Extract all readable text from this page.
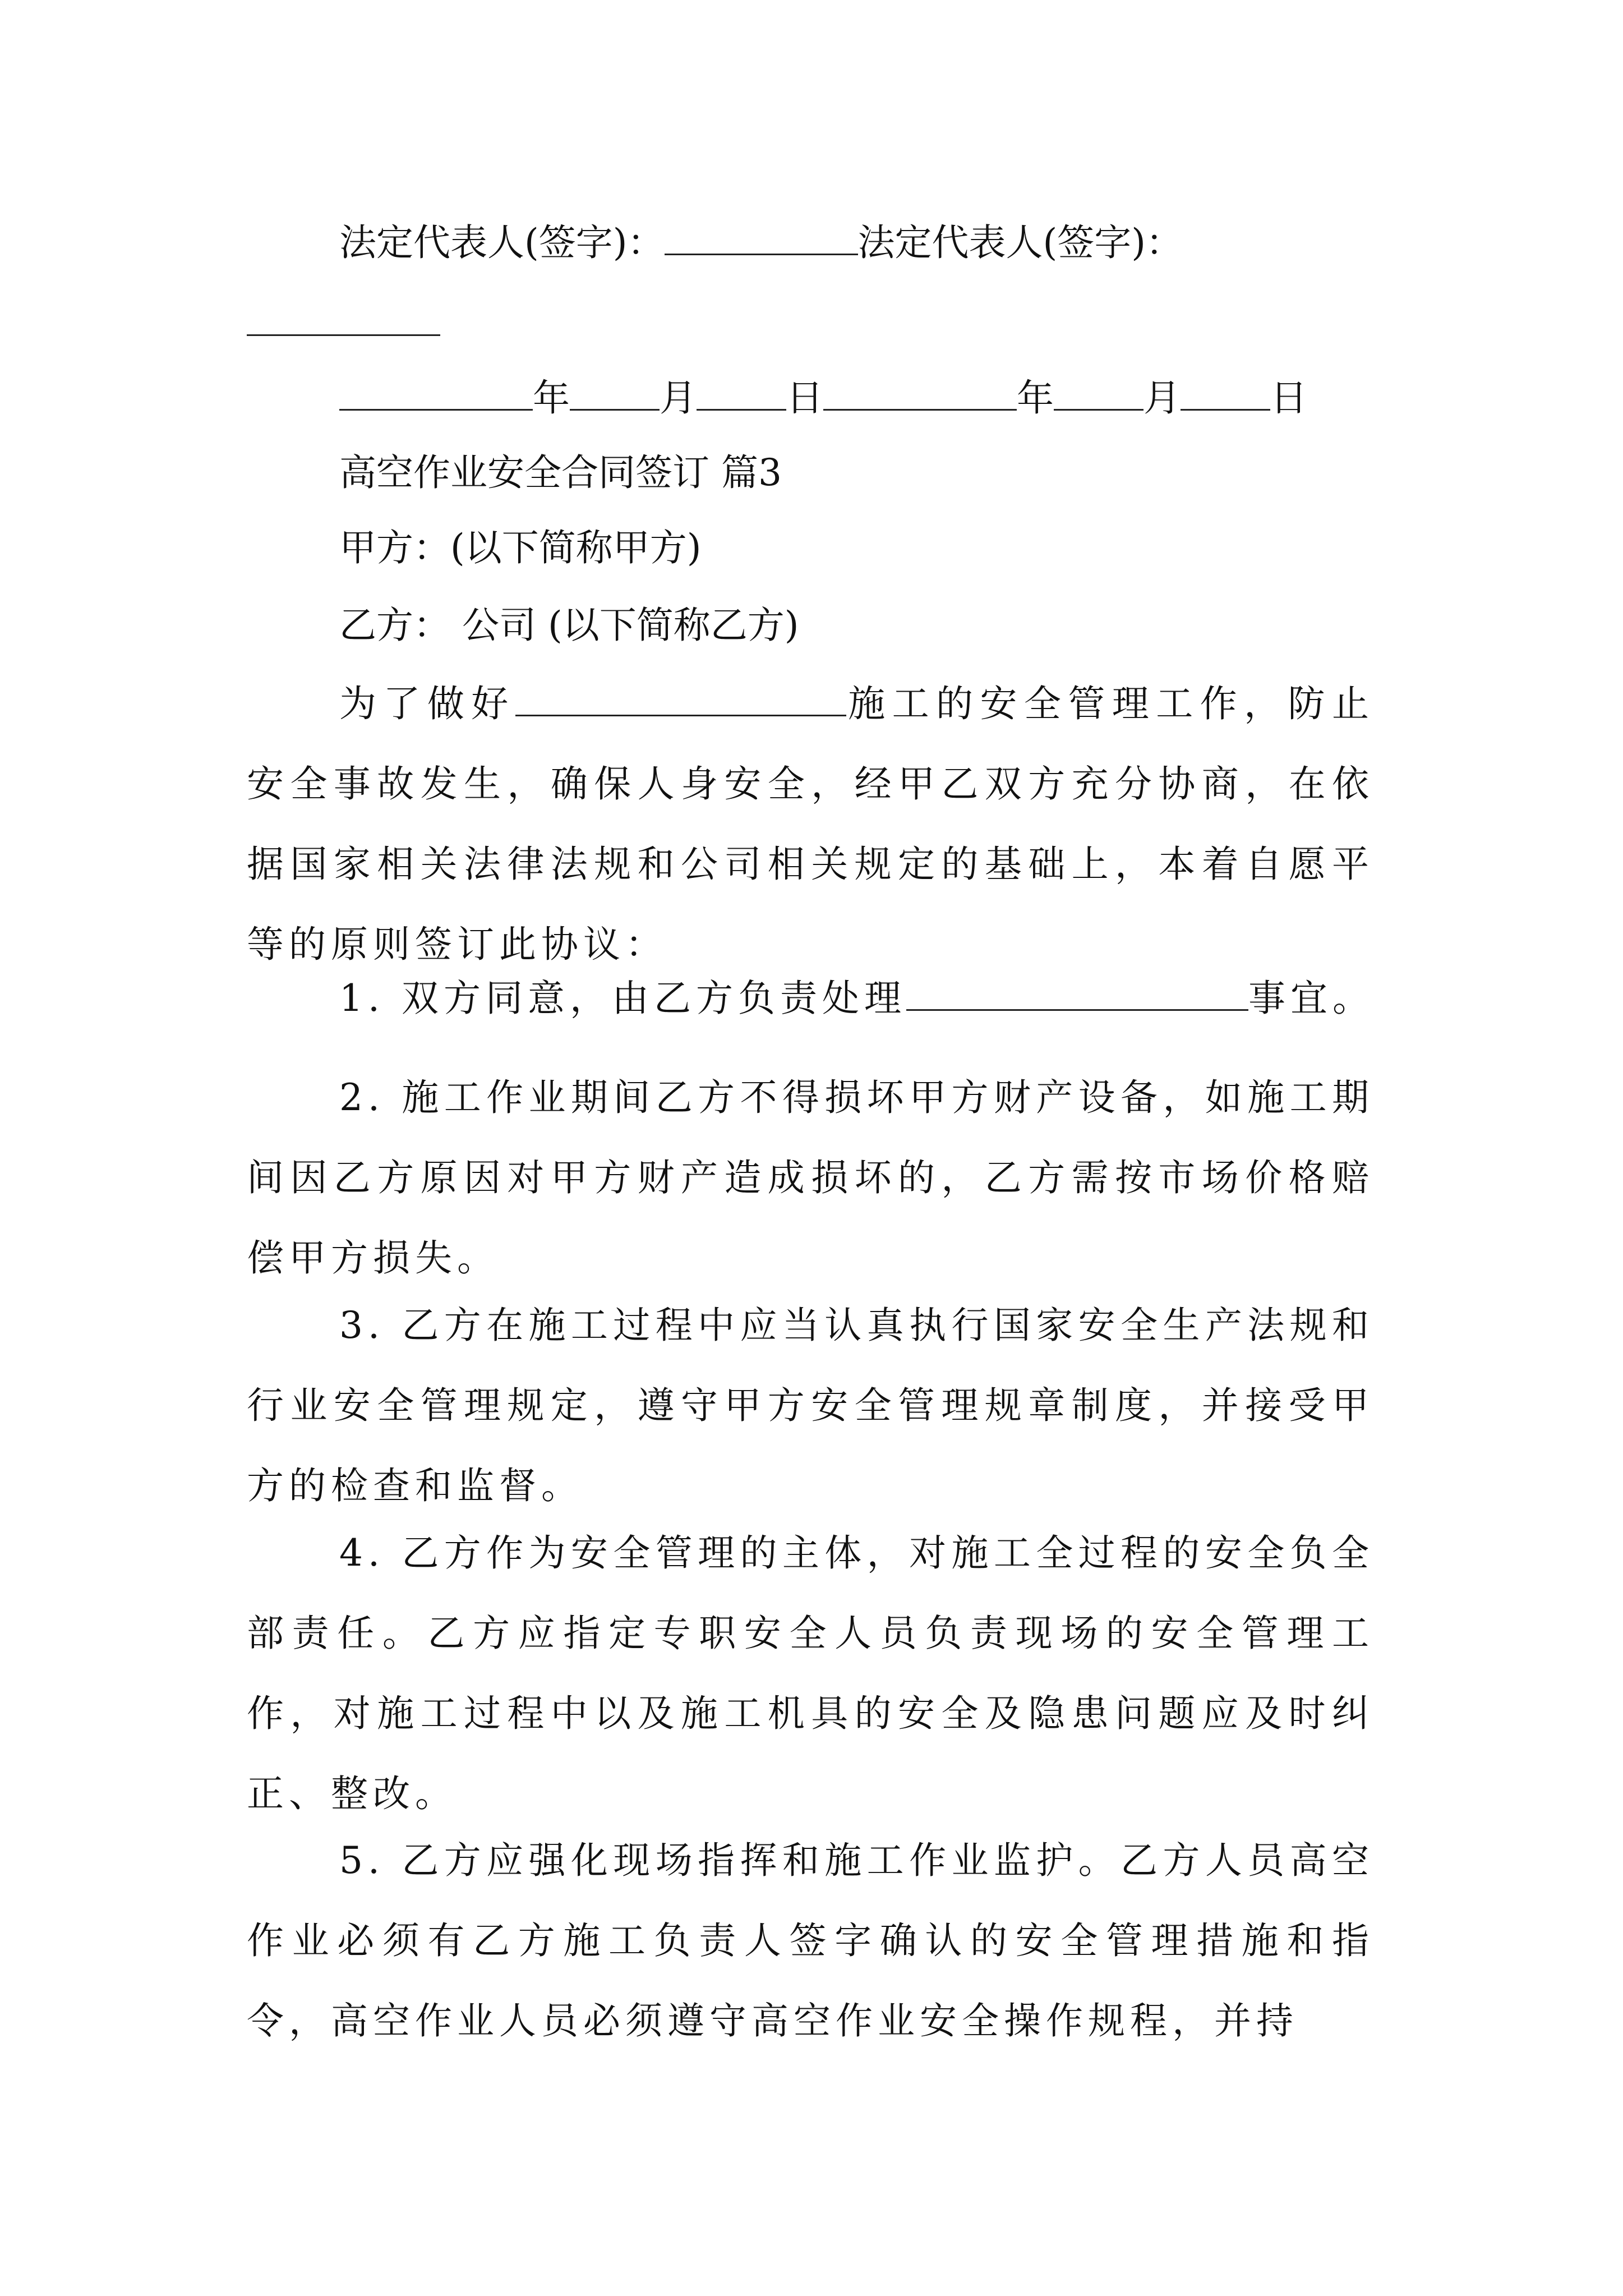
法定代表人(签字)：	法定代表人(签字)：
年 月 日	年 月 日
高空作业安全合同签订 篇3
甲方：(以下简称甲方)
乙方： 公司 (以下简称乙方)
为了做好	施工的安全管理工作，防止安全事故发生，确保人身安全，经甲乙双方充分协商，在依据国家相关法律法规和公司相关规定的基础上，本着自愿平等的原则签订此协议：
1. 双方同意，由乙方负责处理	事宜。
2. 施工作业期间乙方不得损坏甲方财产设备，如施工期间因乙方原因对甲方财产造成损坏的，乙方需按市场价格赔偿甲方损失。
3. 乙方在施工过程中应当认真执行国家安全生产法规和行业安全管理规定，遵守甲方安全管理规章制度，并接受甲方的检查和监督。
4. 乙方作为安全管理的主体，对施工全过程的安全负全部责任。乙方应指定专职安全人员负责现场的安全管理工作，对施工过程中以及施工机具的安全及隐患问题应及时纠正、整改。
5. 乙方应强化现场指挥和施工作业监护。乙方人员高空作业必须有乙方施工负责人签字确认的安全管理措施和指令，高空作业人员必须遵守高空作业安全操作规程，并持
